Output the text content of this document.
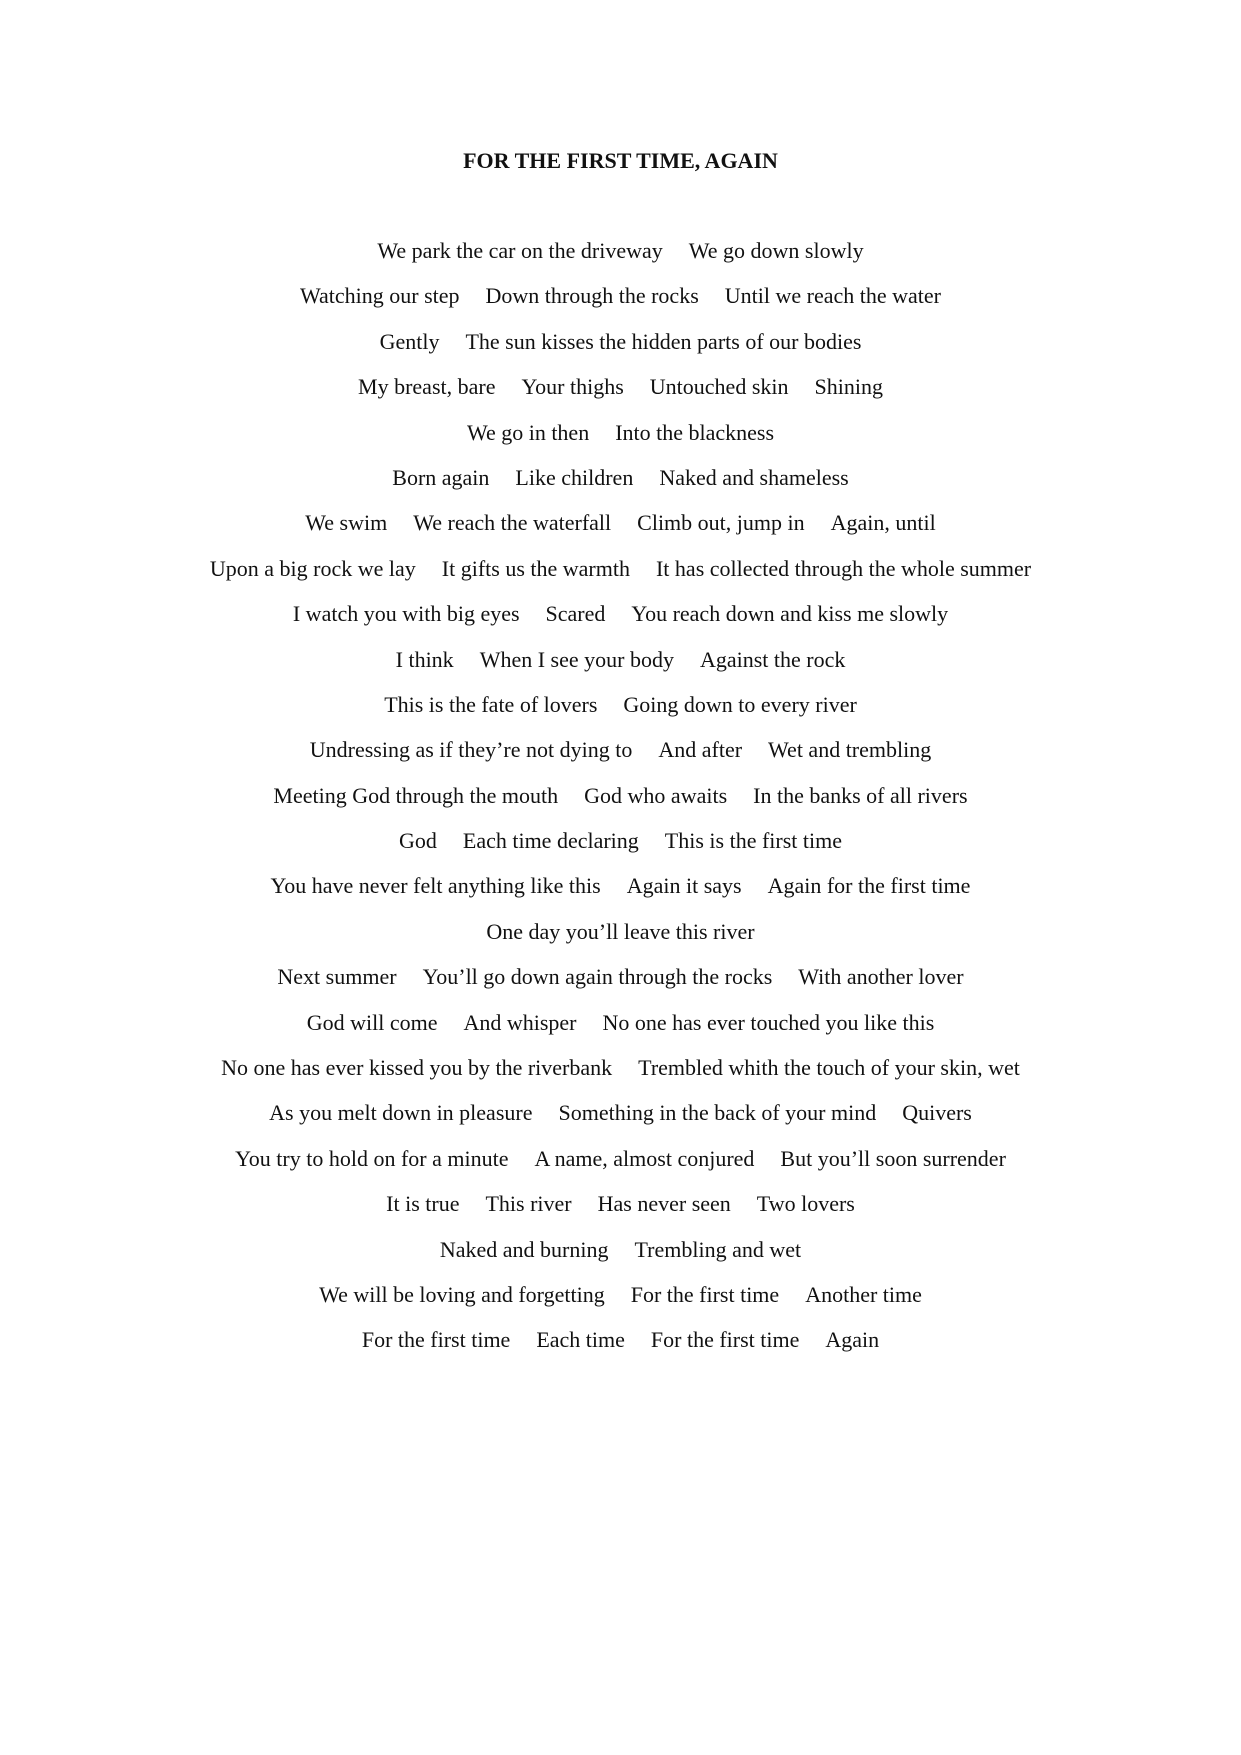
FOR THE FIRST TIME, AGAIN
We park the car on the driveway We go down slowly
Watching our step Down through the rocks Until we reach the water
Gently The sun kisses the hidden parts of our bodies
My breast, bare Your thighs Untouched skin Shining
We go in then Into the blackness
Born again Like children Naked and shameless
We swim We reach the waterfall Climb out, jump in Again, until
Upon a big rock we lay It gifts us the warmth It has collected through the whole summer
I watch you with big eyes Scared You reach down and kiss me slowly
I think When I see your body Against the rock
This is the fate of lovers Going down to every river
Undressing as if they’re not dying to And after Wet and trembling
Meeting God through the mouth God who awaits In the banks of all rivers
God Each time declaring This is the first time
You have never felt anything like this Again it says Again for the first time
One day you’ll leave this river
Next summer You’ll go down again through the rocks With another lover
God will come And whisper No one has ever touched you like this
No one has ever kissed you by the riverbank Trembled whith the touch of your skin, wet
As you melt down in pleasure Something in the back of your mind Quivers
You try to hold on for a minute A name, almost conjured But you’ll soon surrender
It is true This river Has never seen Two lovers
Naked and burning Trembling and wet
We will be loving and forgetting For the first time Another time
For the first time Each time For the first time Again
